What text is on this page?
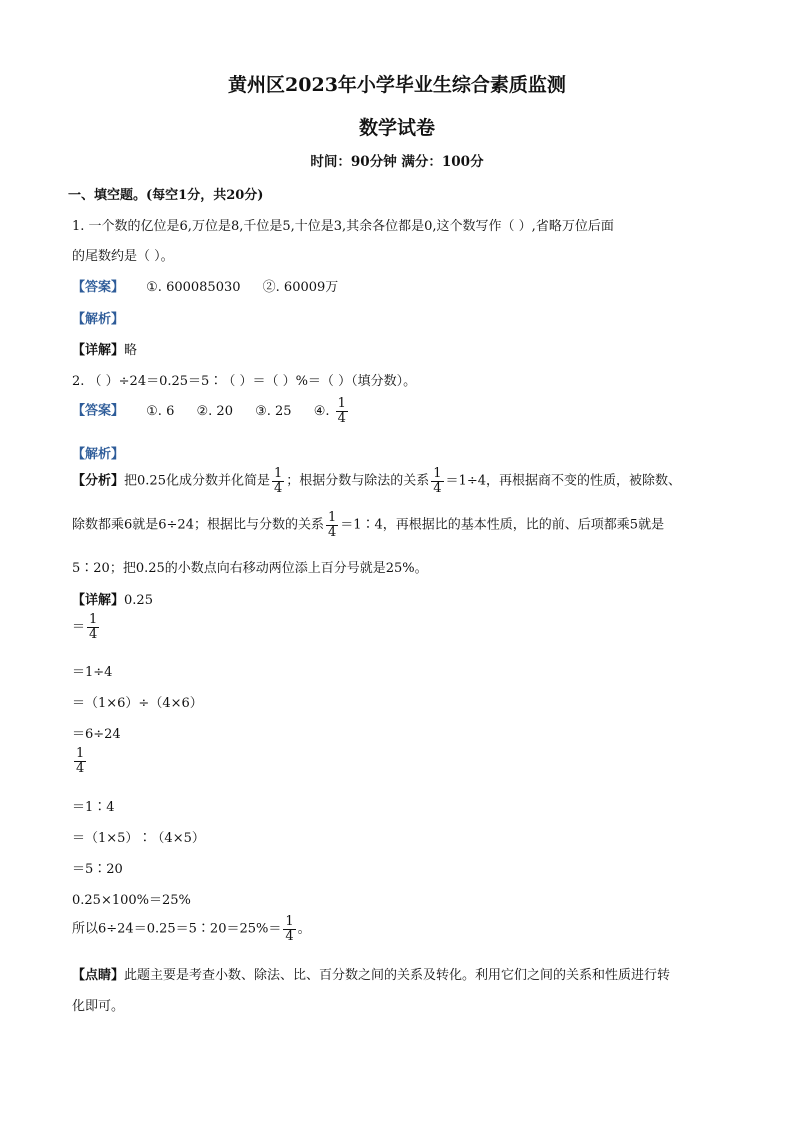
黄州区2023年小学毕业生综合素质监测
数学试卷
时间：90分钟 满分：100分
一、填空题。(每空1分，共20分)
1. 一个数的亿位是6,万位是8,千位是5,十位是3,其余各位都是0,这个数写作（ ）,省略万位后面
的尾数约是（ ）。
【答案】 ①. 600085030 ②. 60009万
【解析】
【详解】略
2. （ ）÷24＝0.25＝5∶（ ）＝（ ）%＝（ ）（填分数）。
【答案】 ①. 6 ②. 20 ③. 25 ④. $\frac{1}{4}$
【解析】
【分析】把0.25化成分数并化简是 $\frac{1}{4}$ ；根据分数与除法的关系 $\frac{1}{4} =1\div 4$，再根据商不变的性质，被除数、
除数都乘6就是6÷24；根据比与分数的关系 $\frac{1}{4}$ ＝1∶4，再根据比的基本性质，比的前、后项都乘5就是
5∶20；把0.25的小数点向右移动两位添上百分号就是25%。
【详解】0.25
＝ $\frac{1}{4}$
＝1÷4
＝（1×6）÷（4×6）
＝6÷24
$\frac{1}{4}$
＝1∶4
＝（1×5）∶（4×5）
＝5∶20
0.25×100%＝25%
所以6÷24＝0.25＝5∶20＝25%＝ $\frac{1}{4}$ 。
【点睛】此题主要是考查小数、除法、比、百分数之间的关系及转化。利用它们之间的关系和性质进行转
化即可。
